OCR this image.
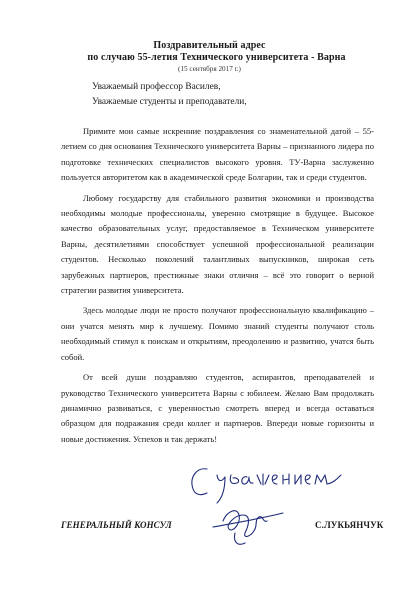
Поздравительный адрес
по случаю 55-летия Технического университета - Варна
(15 сентября 2017 г.)
Уважаемый профессор Василев,
Уважаемые студенты и преподаватели,

Примите мои самые искренние поздравления со знаменательной датой – 55-летием со дня основания Технического университета Варны – признанного лидера по подготовке технических специалистов высокого уровня. ТУ-Варна заслуженно пользуется авторитетом как в академической среде Болгарии, так и среди студентов.

Любому государству для стабильного развития экономики и производства необходимы молодые профессионалы, уверенно смотрящие в будущее. Высокое качество образовательных услуг, предоставляемое в Техническом университете Варны, десятилетиями способствует успешной профессиональной реализации студентов. Несколько поколений талантливых выпускников, широкая сеть зарубежных партнеров, престижные знаки отличия – всё это говорит о верной стратегии развития университета.

Здесь молодые люди не просто получают профессиональную квалификацию – они учатся менять мир к лучшему. Помимо знаний студенты получают столь необходимый стимул к поискам и открытиям, преодолению и развитию, учатся быть собой.

От всей души поздравляю студентов, аспирантов, преподавателей и руководство Технического университета Варны с юбилеем. Желаю Вам продолжать динамично развиваться, с уверенностью смотреть вперед и всегда оставаться образцом для подражания среди коллег и партнеров. Впереди новые горизонты и новые достижения. Успехов и так держать!

ГЕНЕРАЛЬНЫЙ КОНСУЛ	С.ЛУКЬЯНЧУК
